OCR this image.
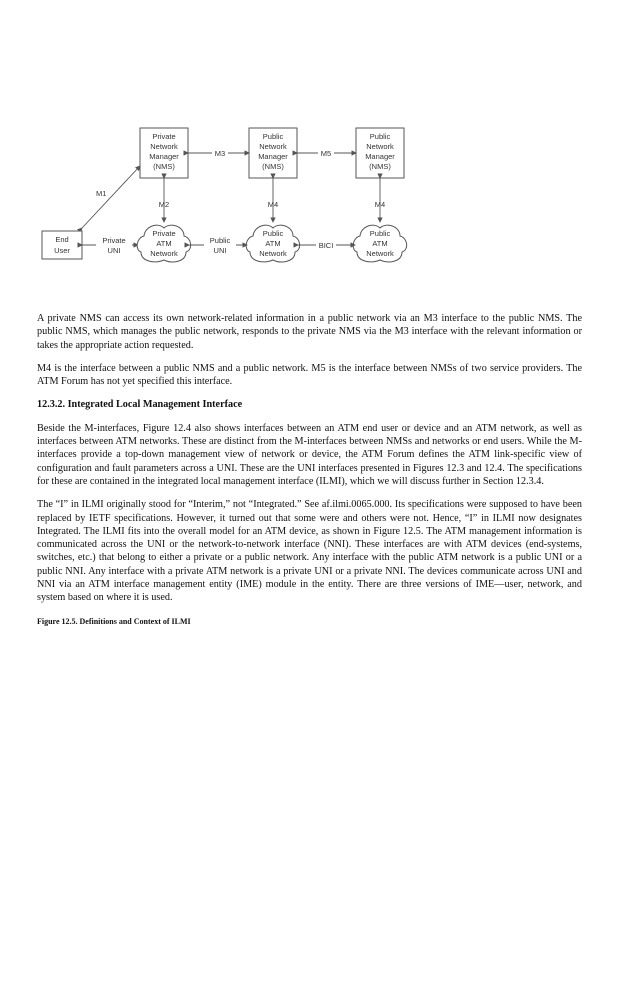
Private
Network
Manager
(NMS)
Public
Network
Manager
(NMS)
Public
Network
Manager
(NMS)
M3	M5
M1
M2	M4	M4
End
User
Private
UNI
Private
ATM
Network
Public
ATM
Network
Public
ATM
Network
Public
UNI
BICI

A private NMS can access its own network-related information in a public network via an M3 interface to the public NMS. The public NMS, which manages the public network, responds to the private NMS via the M3 interface with the relevant information or takes the appropriate action requested.

M4 is the interface between a public NMS and a public network. M5 is the interface between NMSs of two service providers. The ATM Forum has not yet specified this interface.

12.3.2. Integrated Local Management Interface

Beside the M-interfaces, Figure 12.4 also shows interfaces between an ATM end user or device and an ATM network, as well as interfaces between ATM networks. These are distinct from the M-interfaces between NMSs and networks or end users. While the M-interfaces provide a top-down management view of network or device, the ATM Forum defines the ATM link-specific view of configuration and fault parameters across a UNI. These are the UNI interfaces presented in Figures 12.3 and 12.4. The specifications for these are contained in the integrated local management interface (ILMI), which we will discuss further in Section 12.3.4.

The “I” in ILMI originally stood for “Interim,” not “Integrated.” See af.ilmi.0065.000. Its specifications were supposed to have been replaced by IETF specifications. However, it turned out that some were and others were not. Hence, “I” in ILMI now designates Integrated. The ILMI fits into the overall model for an ATM device, as shown in Figure 12.5. The ATM management information is communicated across the UNI or the network-to-network interface (NNI). These interfaces are with ATM devices (end-systems, switches, etc.) that belong to either a private or a public network. Any interface with the public ATM network is a public UNI or a public NNI. Any interface with a private ATM network is a private UNI or a private NNI. The devices communicate across UNI and NNI via an ATM interface management entity (IME) module in the entity. There are three versions of IME—user, network, and system based on where it is used.

Figure 12.5. Definitions and Context of ILMI
